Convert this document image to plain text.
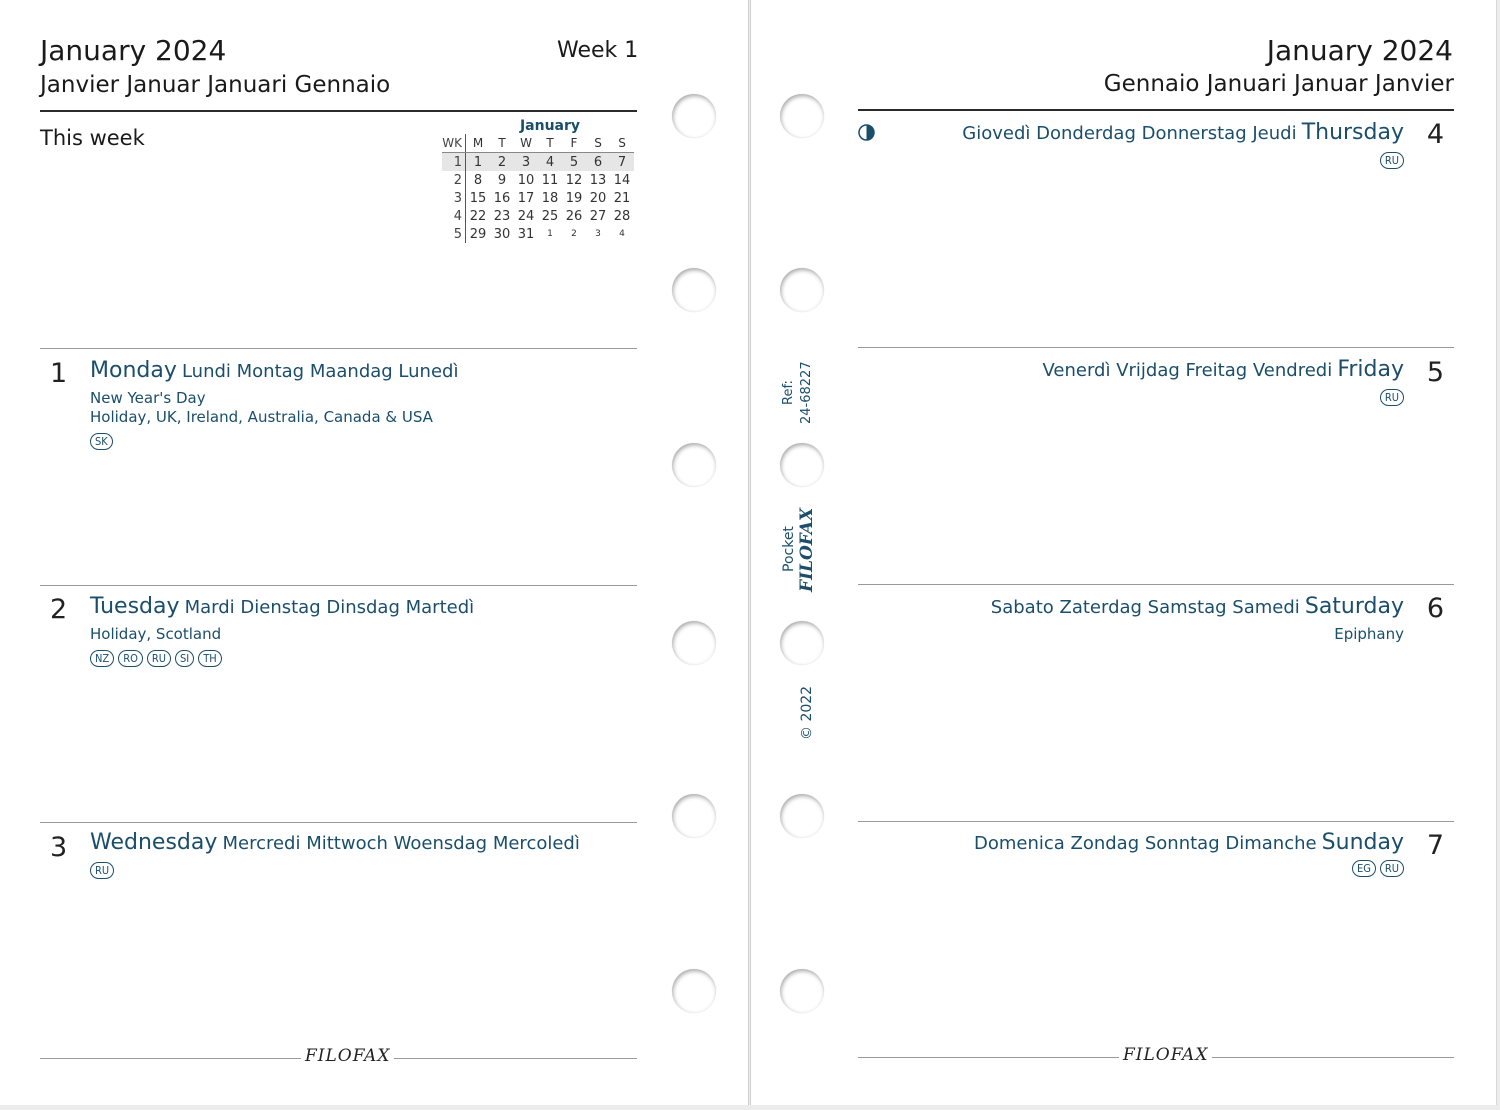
January 2024	Week 1
Janvier Januar Januari Gennaio
This week	January
WK	M	T	W	T	F	S	S
1	1	2	3	4	5	6	7
2	8	9	10	11	12	13	14
3	15	16	17	18	19	20	21
4	22	23	24	25	26	27	28
5	29	30	31	1	2	3	4
1 Monday Lundi Montag Maandag Lunedì
New Year's Day
Holiday, UK, Ireland, Australia, Canada & USA
SK
2 Tuesday Mardi Dienstag Dinsdag Martedì
Holiday, Scotland
NZ	RO	RU	SI	TH
3 Wednesday Mercredi Mittwoch Woensdag Mercoledì
RU
FILOFAX
Ref: 24-68227
Pocket FILOFAX
© 2022
January 2024
Gennaio Januari Januar Janvier
Giovedì Donderdag Donnerstag Jeudi Thursday 4
RU
Venerdì Vrijdag Freitag Vendredi Friday 5
RU
Sabato Zaterdag Samstag Samedi Saturday 6
Epiphany
Domenica Zondag Sonntag Dimanche Sunday 7
EG	RU
FILOFAX
